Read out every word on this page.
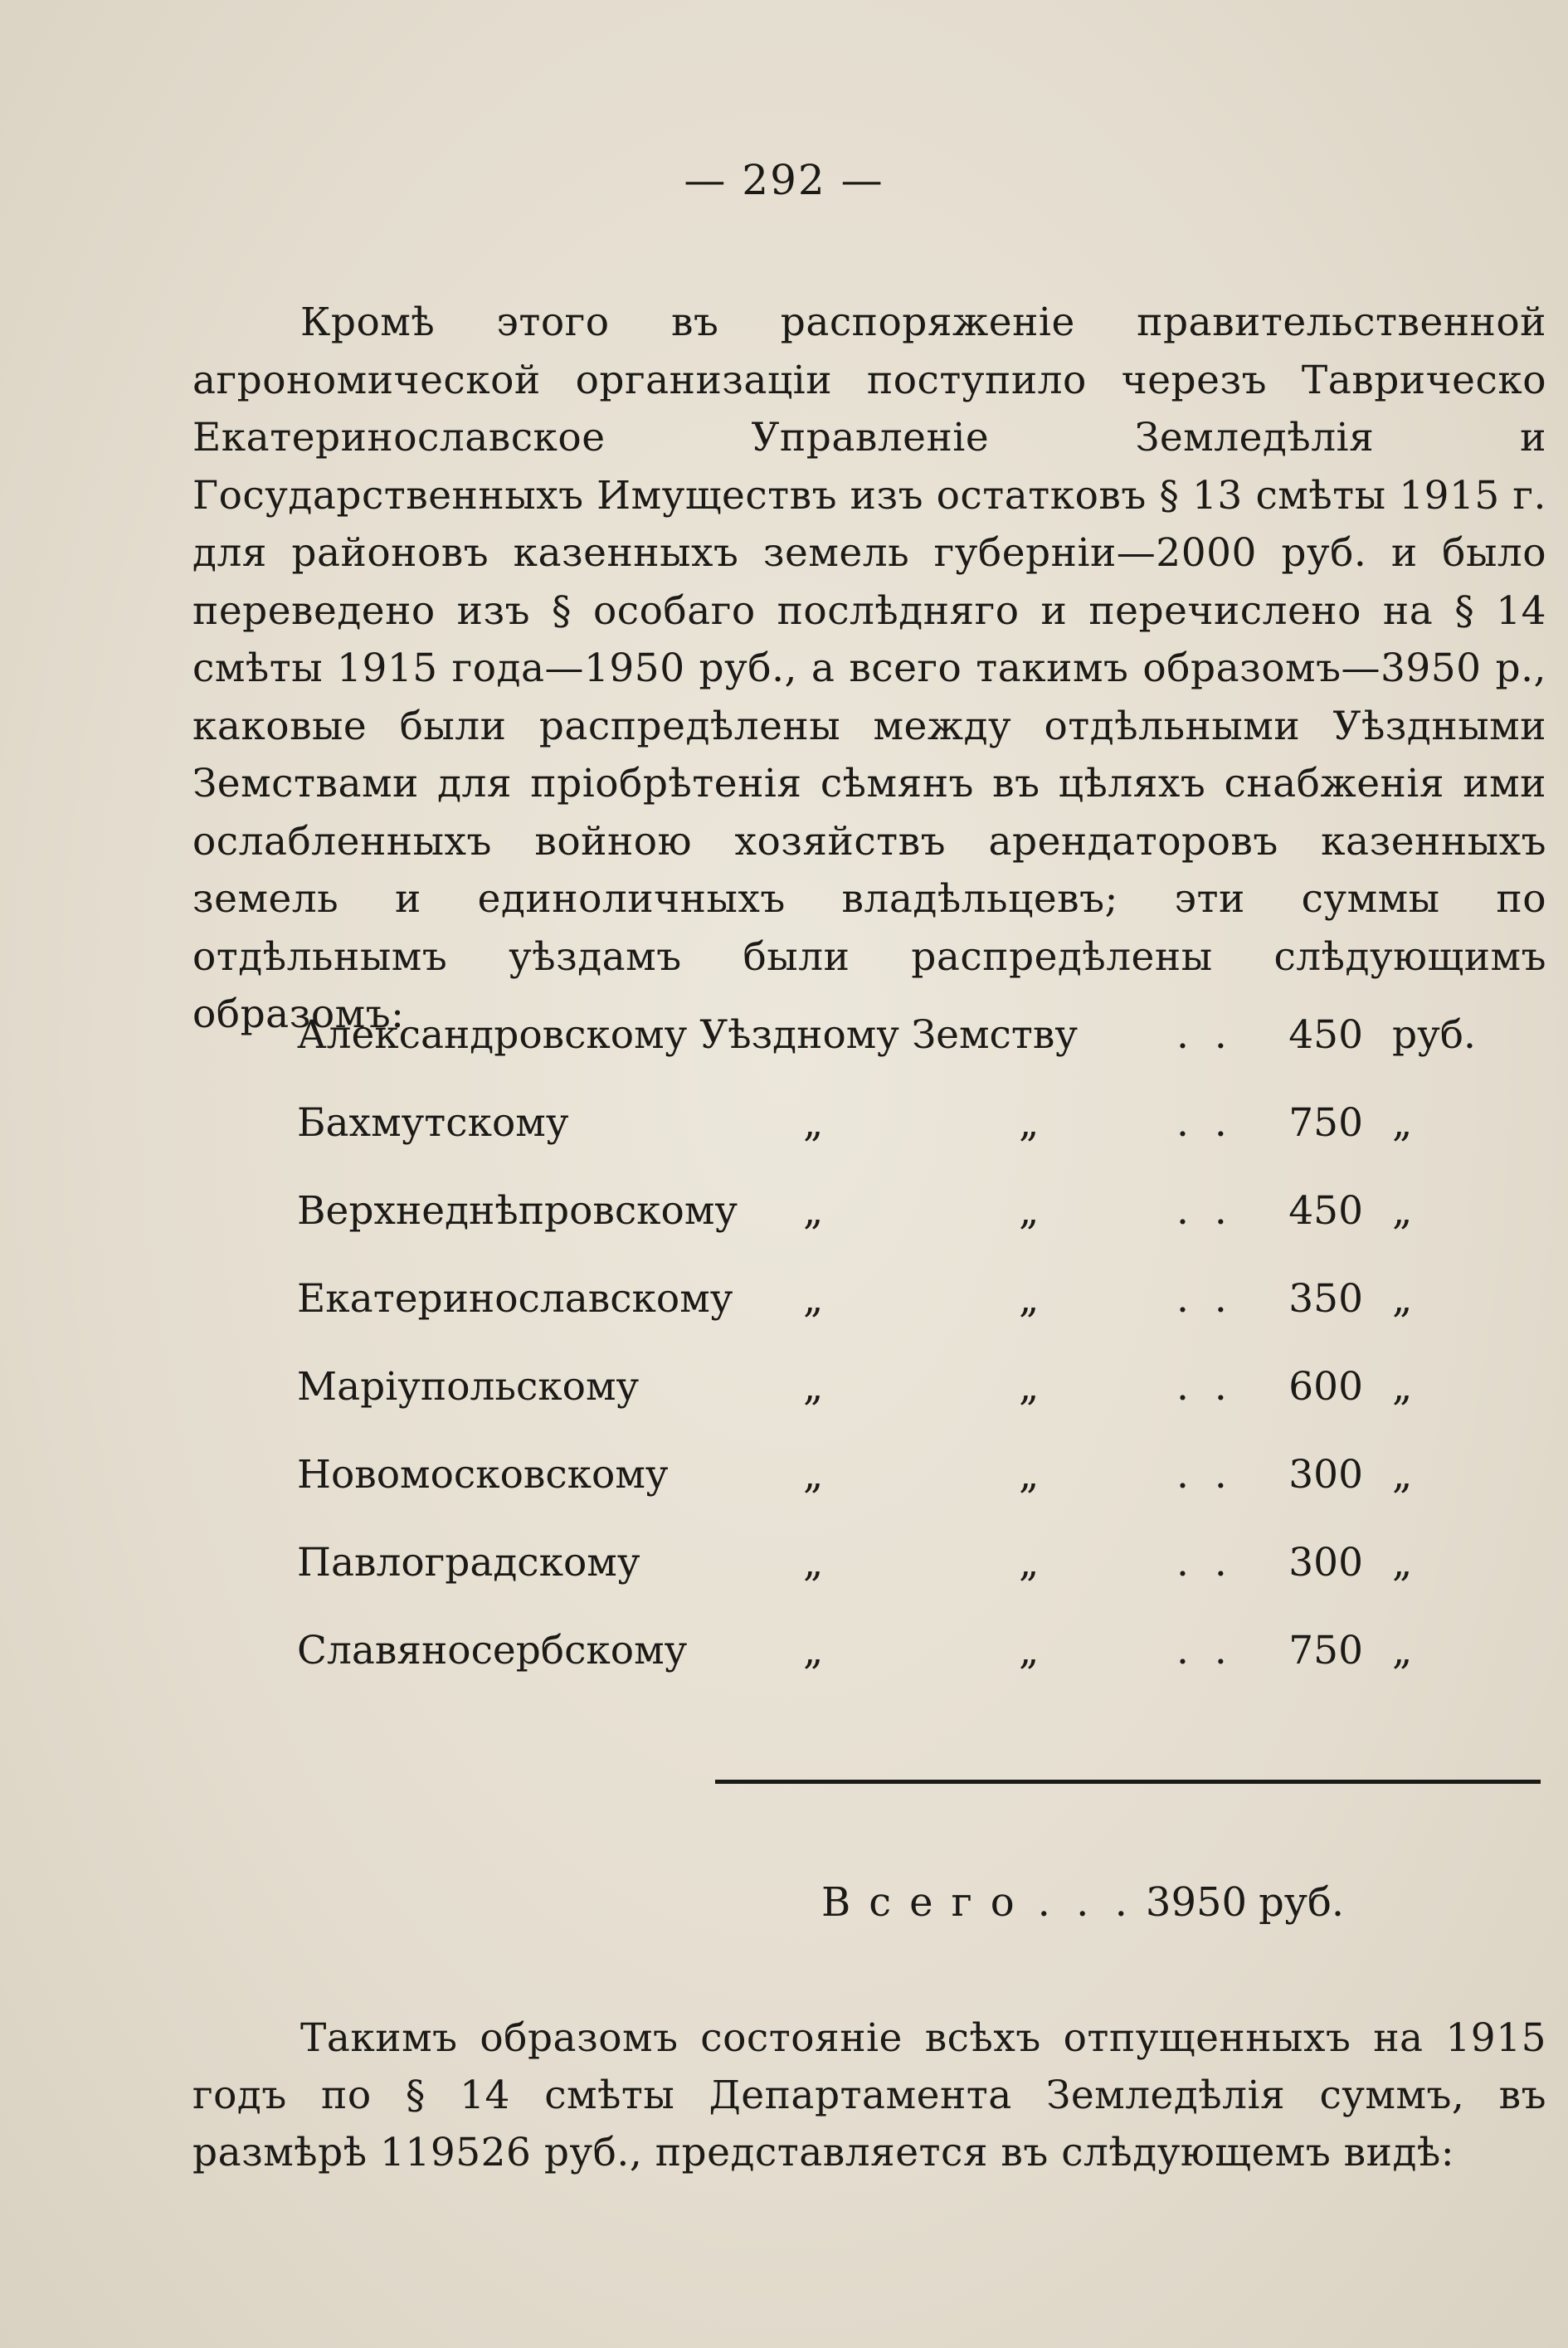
— 292 —

Кромѣ этого въ распоряженіе правительственной агрономической организаціи поступило черезъ Таврическо Екатеринославское Управленіе Земледѣлія и Государственныхъ Имуществъ изъ остатковъ § 13 смѣты 1915 г. для районовъ казенныхъ земель губерніи—2000 руб. и было переведено изъ § особаго послѣдняго и перечислено на § 14 смѣты 1915 года—1950 руб., а всего такимъ образомъ—3950 р., каковые были распредѣлены между отдѣльными Уѣздными Земствами для пріобрѣтенія сѣмянъ въ цѣляхъ снабженія ими ослабленныхъ войною хозяйствъ арендаторовъ казенныхъ земель и единоличныхъ владѣльцевъ; эти суммы по отдѣльнымъ уѣздамъ были распредѣлены слѣдующимъ образомъ:

Александровскому Уѣздному Земству	. .	450 руб.
Бахмутскому	„	„	. .	750 „
Верхнеднѣпровскому „	„	. .	450 „
Екатеринославскому „	„	. .	350 „
Маріупольскому	„	„	. .	600 „
Новомосковскому	„	„	. .	300 „
Павлоградскому	„	„	. .	300 „
Славяносербскому	„	„	. .	750 „
Всего . . . 3950 руб.

Такимъ образомъ состояніе всѣхъ отпущенныхъ на 1915 годъ по § 14 смѣты Департамента Земледѣлія суммъ, въ размѣрѣ 119526 руб., представляется въ слѣдующемъ видѣ:
